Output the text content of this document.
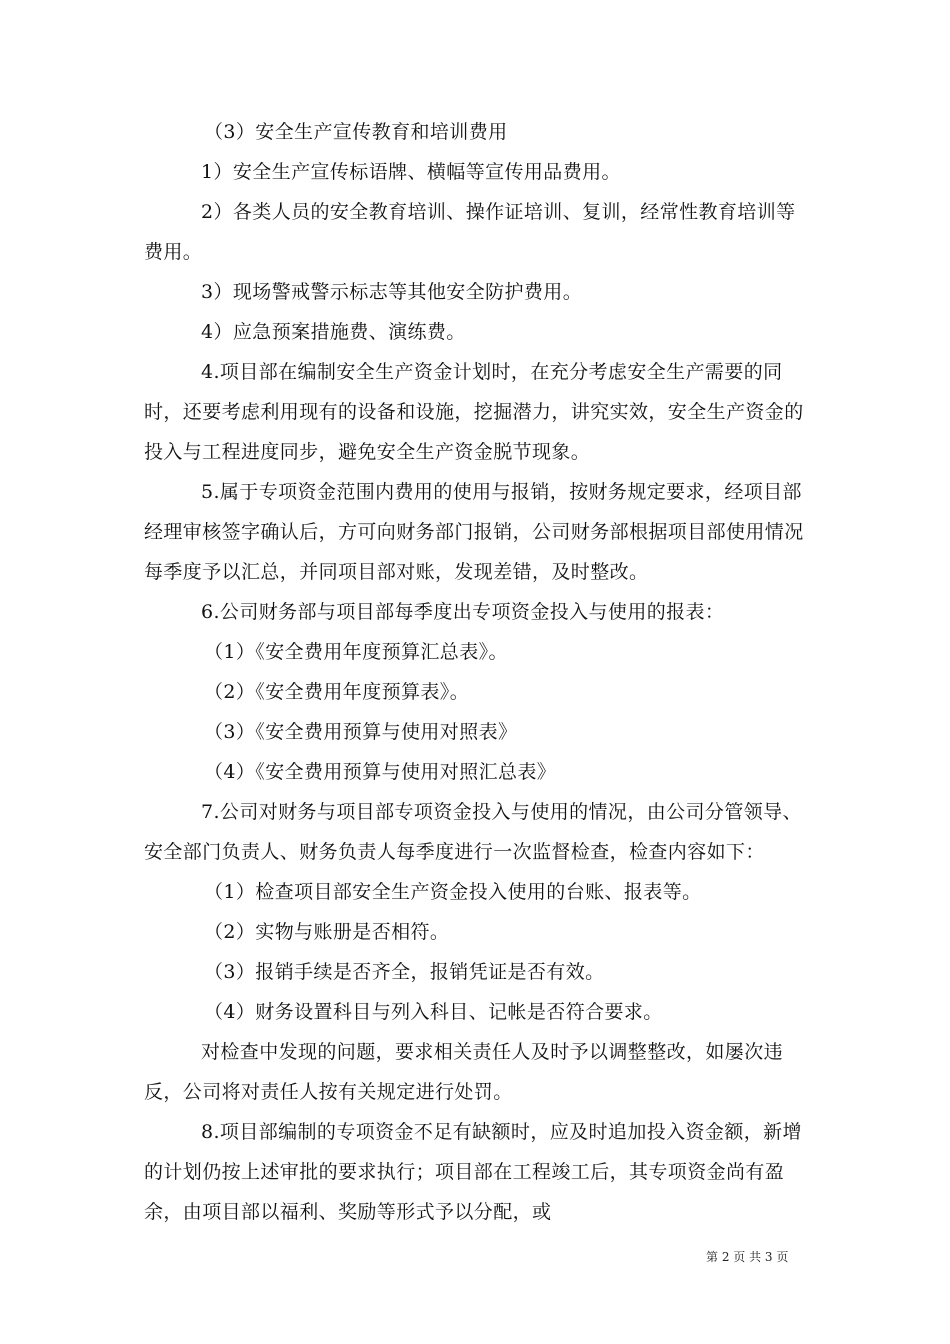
（3）安全生产宣传教育和培训费用

1）安全生产宣传标语牌、横幅等宣传用品费用。

2）各类人员的安全教育培训、操作证培训、复训，经常性教育培训等费用。

3）现场警戒警示标志等其他安全防护费用。

4）应急预案措施费、演练费。

4.项目部在编制安全生产资金计划时，在充分考虑安全生产需要的同时，还要考虑利用现有的设备和设施，挖掘潜力，讲究实效，安全生产资金的投入与工程进度同步，避免安全生产资金脱节现象。

5.属于专项资金范围内费用的使用与报销，按财务规定要求，经项目部经理审核签字确认后，方可向财务部门报销，公司财务部根据项目部使用情况每季度予以汇总，并同项目部对账，发现差错，及时整改。

6.公司财务部与项目部每季度出专项资金投入与使用的报表：

（1）《安全费用年度预算汇总表》。

（2）《安全费用年度预算表》。

（3）《安全费用预算与使用对照表》

（4）《安全费用预算与使用对照汇总表》

7.公司对财务与项目部专项资金投入与使用的情况，由公司分管领导、安全部门负责人、财务负责人每季度进行一次监督检查，检查内容如下：

（1）检查项目部安全生产资金投入使用的台账、报表等。

（2）实物与账册是否相符。

（3）报销手续是否齐全，报销凭证是否有效。

（4）财务设置科目与列入科目、记帐是否符合要求。

对检查中发现的问题，要求相关责任人及时予以调整整改，如屡次违反，公司将对责任人按有关规定进行处罚。

8.项目部编制的专项资金不足有缺额时，应及时追加投入资金额，新增的计划仍按上述审批的要求执行；项目部在工程竣工后，其专项资金尚有盈余，由项目部以福利、奖励等形式予以分配，或

第 2 页 共 3 页
